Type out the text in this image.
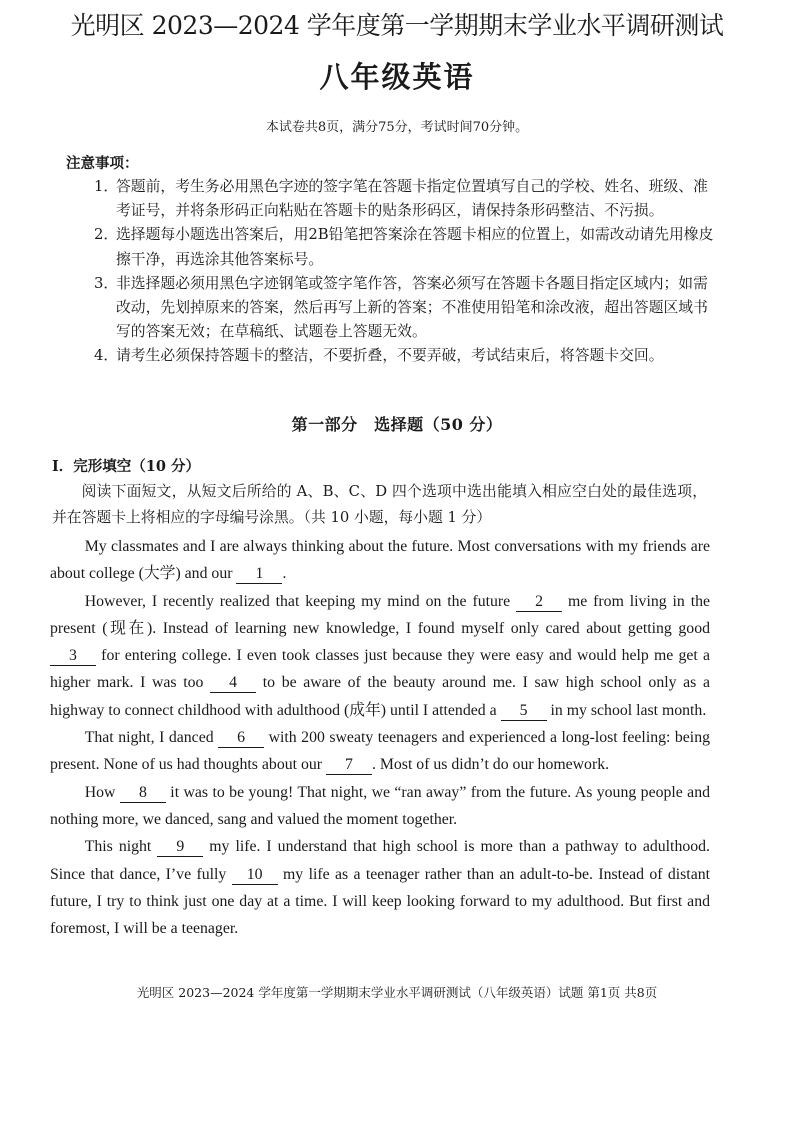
光明区 2023—2024 学年度第一学期期末学业水平调研测试
八年级英语
本试卷共8页，满分75分，考试时间70分钟。
注意事项：

1．
答题前，考生务必用黑色字迹的签字笔在答题卡指定位置填写自己的学校、姓名、班级、准考证号，并将条形码正向粘贴在答题卡的贴条形码区，请保持条形码整洁、不污损。

2．
选择题每小题选出答案后，用2B铅笔把答案涂在答题卡相应的位置上，如需改动请先用橡皮擦干净，再选涂其他答案标号。

3．
非选择题必须用黑色字迹钢笔或签字笔作答，答案必须写在答题卡各题目指定区域内；如需改动，先划掉原来的答案，然后再写上新的答案；不准使用铅笔和涂改液，超出答题区域书写的答案无效；在草稿纸、试题卷上答题无效。

4．
请考生必须保持答题卡的整洁，不要折叠，不要弄破，考试结束后，将答题卡交回。

第一部分　选择题（50 分）
I．完形填空（10 分）
阅读下面短文，从短文后所给的 A、B、C、D 四个选项中选出能填入相应空白处的最佳选项，并在答题卡上将相应的字母编号涂黑。（共 10 小题，每小题 1 分）

My classmates and I are always thinking about the future. Most conversations with my friends are about college (大学) and our 1 .

However, I recently realized that keeping my mind on the future 2 me from living in the present (现在). Instead of learning new knowledge, I found myself only cared about getting good 3 for entering college. I even took classes just because they were easy and would help me get a higher mark. I was too 4 to be aware of the beauty around me. I saw high school only as a highway to connect childhood with adulthood (成年) until I attended a 5 in my school last month.

That night, I danced 6 with 200 sweaty teenagers and experienced a long-lost feeling: being present. None of us had thoughts about our 7 . Most of us didn’t do our homework.

How 8 it was to be young! That night, we “ran away” from the future. As young people and nothing more, we danced, sang and valued the moment together.

This night 9 my life. I understand that high school is more than a pathway to adulthood. Since that dance, I’ve fully 10 my life as a teenager rather than an adult-to-be. Instead of distant future, I try to think just one day at a time. I will keep looking forward to my adulthood. But first and foremost, I will be a teenager.

光明区 2023—2024 学年度第一学期期末学业水平调研测试（八年级英语）试题 第1页 共8页
